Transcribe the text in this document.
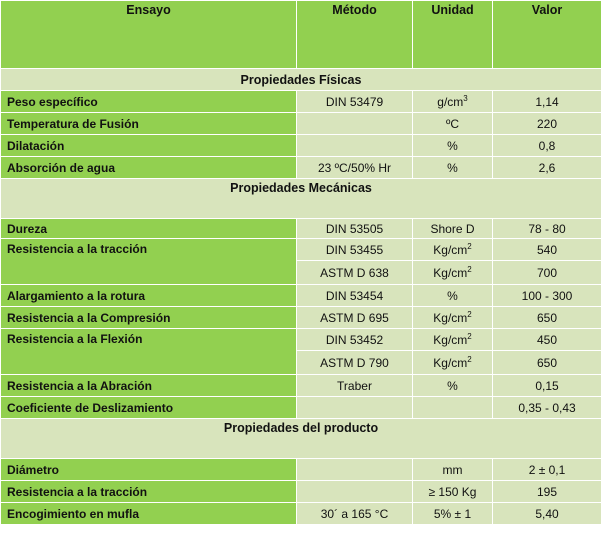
Ensayo	Método	Unidad	Valor
Propiedades Físicas			
Peso específico	DIN 53479	$g/cm^3$	1,14
Temperatura de Fusión		ºC	220
Dilatación		%	0,8
Absorción de agua	23 ºC/50% Hr	%	2,6
Propiedades Mecánicas			
Dureza	DIN 53505	Shore D	78 - 80
Resistencia a la tracción	DIN 53455	$Kg/cm^2$	540
	ASTM D 638	$Kg/cm^2$	700
Alargamiento a la rotura	DIN 53454	%	100 - 300
Resistencia a la Compresión	ASTM D 695	$Kg/cm^2$	650
Resistencia a la Flexión	DIN 53452	$Kg/cm^2$	450
	ASTM D 790	$Kg/cm^2$	650
Resistencia a la Abración	Traber	%	0,15
Coeficiente de Deslizamiento			0,35 - 0,43
Propiedades del producto			
Diámetro		mm	2 ± 0,1
Resistencia a la tracción		≥ 150 Kg	195
Encogimiento en mufla	30´ a 165 °C	5% ± 1	5,40
